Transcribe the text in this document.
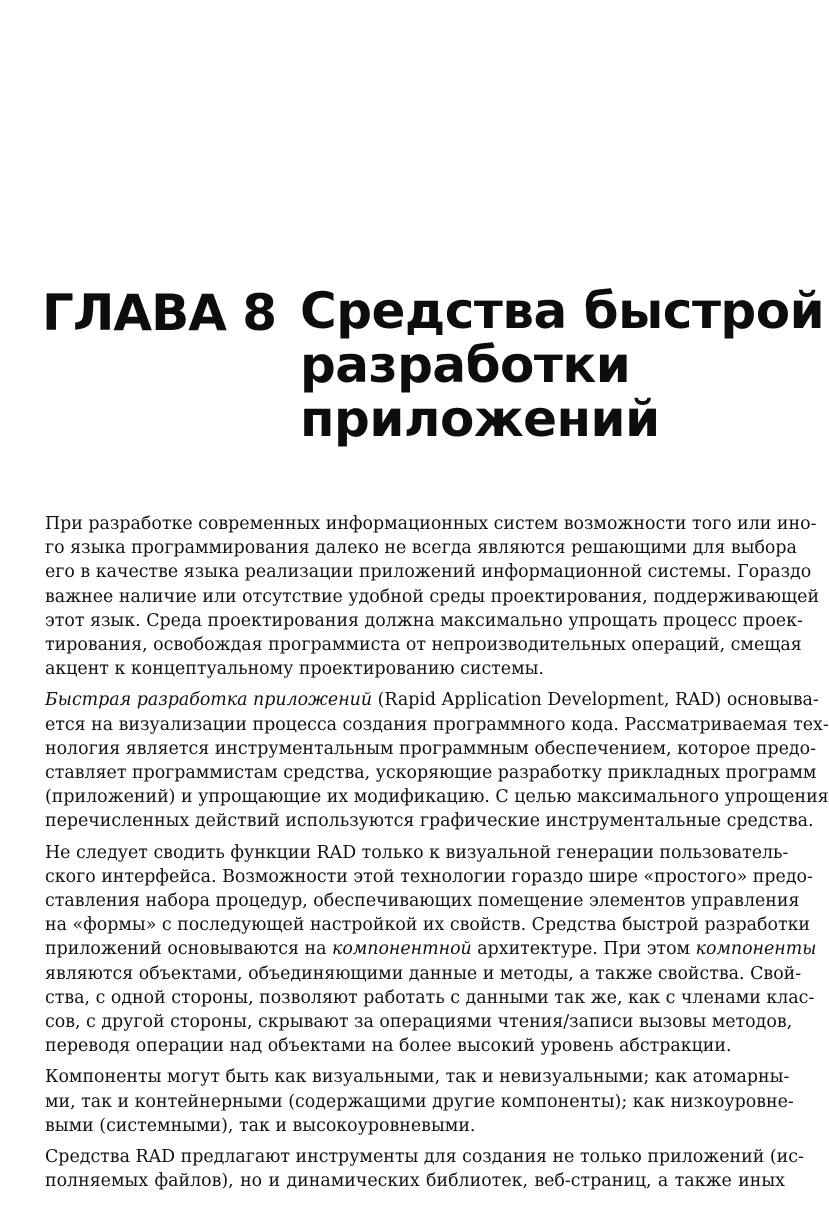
ГЛАВА 8 Средства быстрой
разработки
приложений

При разработке современных информационных систем возможности того или ино-
го языка программирования далеко не всегда являются решающими для выбора
его в качестве языка реализации приложений информационной системы. Гораздо
важнее наличие или отсутствие удобной среды проектирования, поддерживающей
этот язык. Среда проектирования должна максимально упрощать процесс проек-
тирования, освобождая программиста от непроизводительных операций, смещая
акцент к концептуальному проектированию системы.

Быстрая разработка приложений (Rapid Application Development, RAD) основыва-
ется на визуализации процесса создания программного кода. Рассматриваемая тех-
нология является инструментальным программным обеспечением, которое предо-
ставляет программистам средства, ускоряющие разработку прикладных программ
(приложений) и упрощающие их модификацию. С целью максимального упрощения
перечисленных действий используются графические инструментальные средства.

Не следует сводить функции RAD только к визуальной генерации пользователь-
ского интерфейса. Возможности этой технологии гораздо шире «простого» предо-
ставления набора процедур, обеспечивающих помещение элементов управления
на «формы» с последующей настройкой их свойств. Средства быстрой разработки
приложений основываются на компонентной архитектуре. При этом компоненты
являются объектами, объединяющими данные и методы, а также свойства. Свой-
ства, с одной стороны, позволяют работать с данными так же, как с членами клас-
сов, с другой стороны, скрывают за операциями чтения/записи вызовы методов,
переводя операции над объектами на более высокий уровень абстракции.

Компоненты могут быть как визуальными, так и невизуальными; как атомарны-
ми, так и контейнерными (содержащими другие компоненты); как низкоуровне-
выми (системными), так и высокоуровневыми.

Средства RAD предлагают инструменты для создания не только приложений (ис-
полняемых файлов), но и динамических библиотек, веб-страниц, а также иных
